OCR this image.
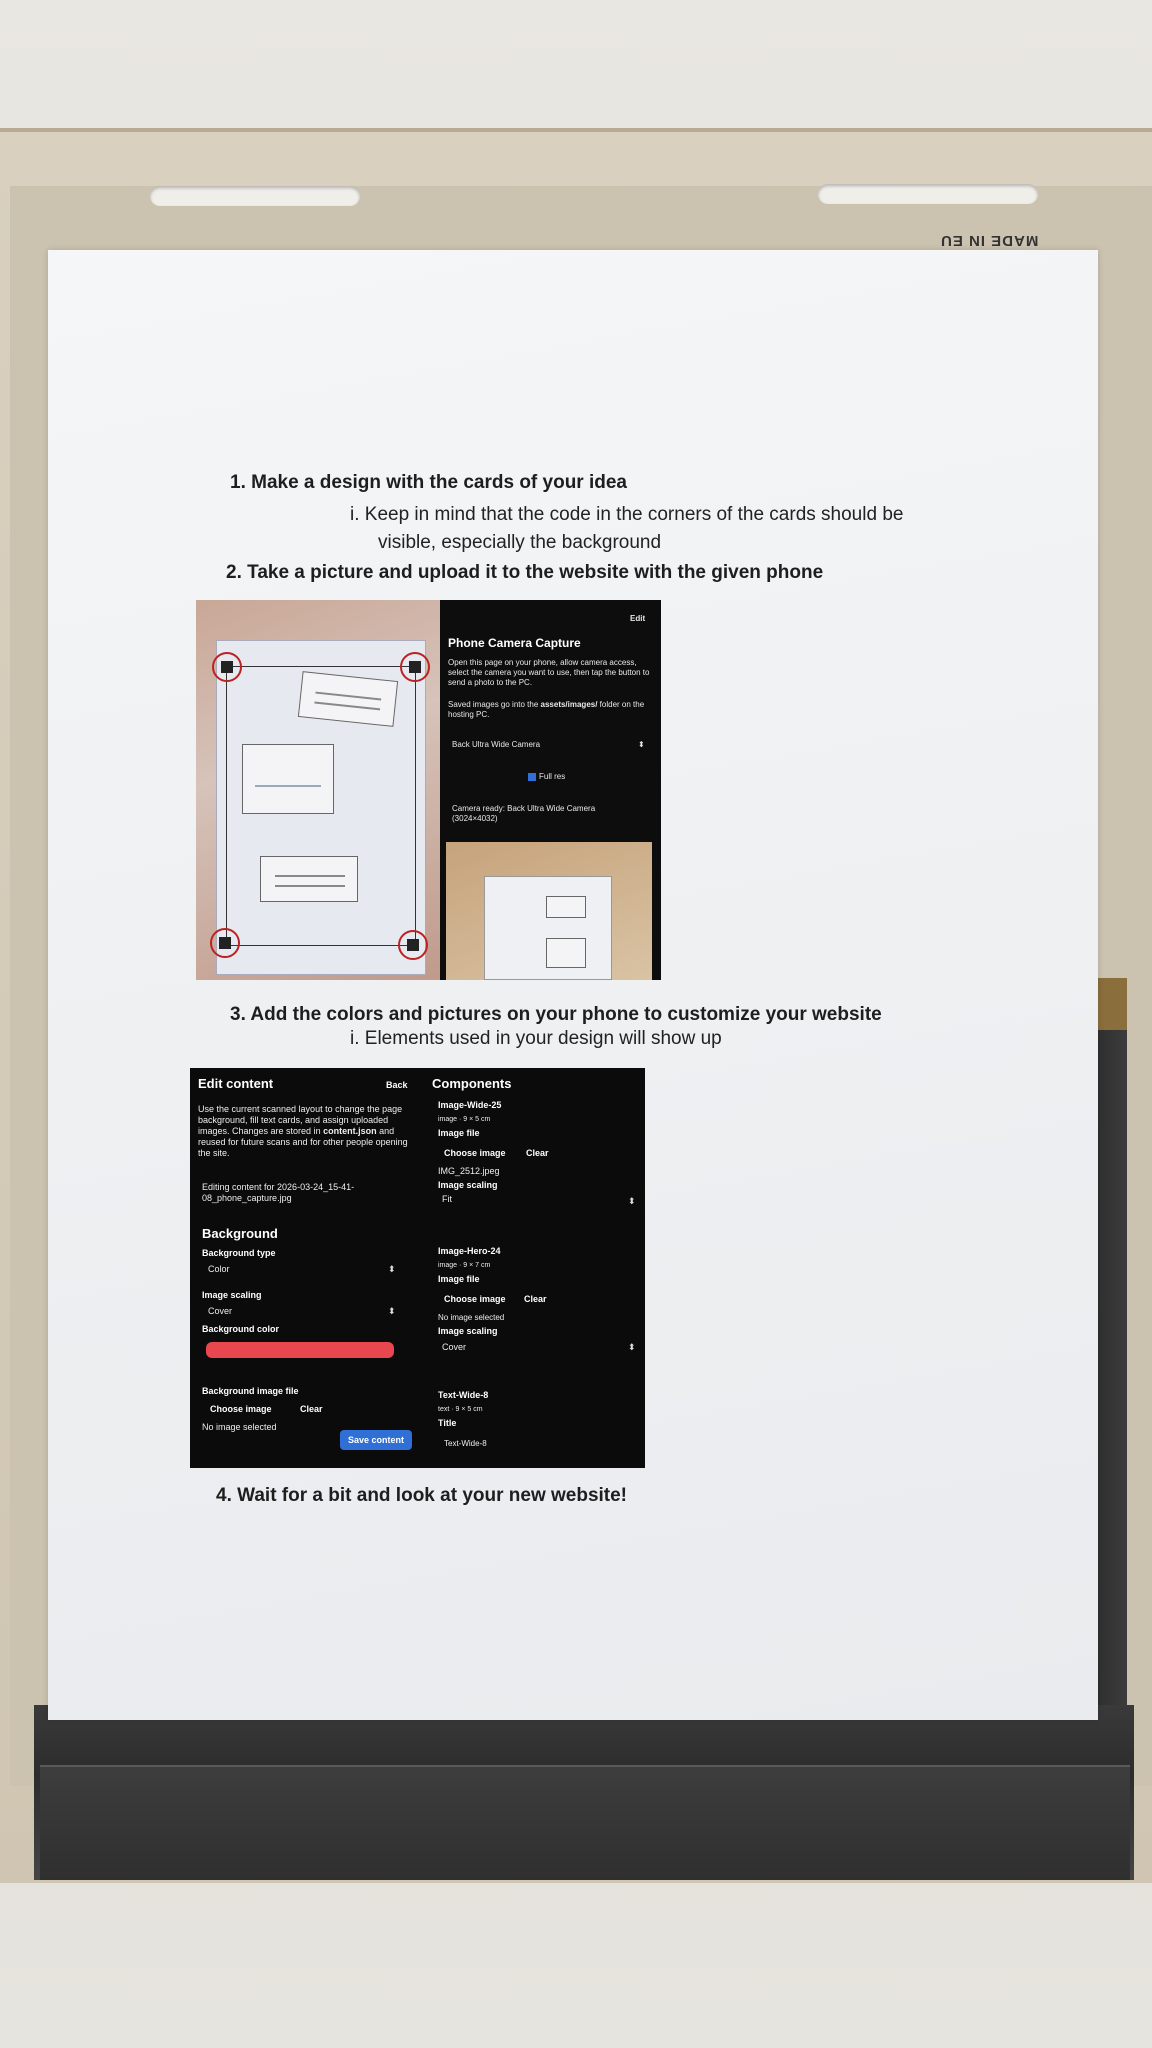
MADE IN EU
1. Make a design with the cards of your idea
i. Keep in mind that the code in the corners of the cards should be
visible, especially the background
2. Take a picture and upload it to the website with the given phone
Edit
Phone Camera Capture
Open this page on your phone, allow camera access, select the camera you want to use, then tap the button to send a photo to the PC.
Saved images go into the assets/images/ folder on the hosting PC.
Back Ultra Wide Camera	⬍
Full res
Camera ready: Back Ultra Wide Camera (3024×4032)
3. Add the colors and pictures on your phone to customize your website
i. Elements used in your design will show up
Edit content	Back
Use the current scanned layout to change the page background, fill text cards, and assign uploaded images. Changes are stored in content.json and reused for future scans and for other people opening the site.
Editing content for 2026-03-24_15-41-08_phone_capture.jpg
Background
Background type
Color	⬍
Image scaling
Cover	⬍
Background color
Background image file
Choose image	Clear
No image selected
Save content
Components
Image-Wide-25
image · 9 × 5 cm
Image file
Choose image Clear
IMG_2512.jpeg
Image scaling
Fit	⬍
Image-Hero-24
image · 9 × 7 cm
Image file
Choose image Clear
No image selected
Image scaling
Cover	⬍
Text-Wide-8
text · 9 × 5 cm
Title
Text-Wide-8
4. Wait for a bit and look at your new website!
